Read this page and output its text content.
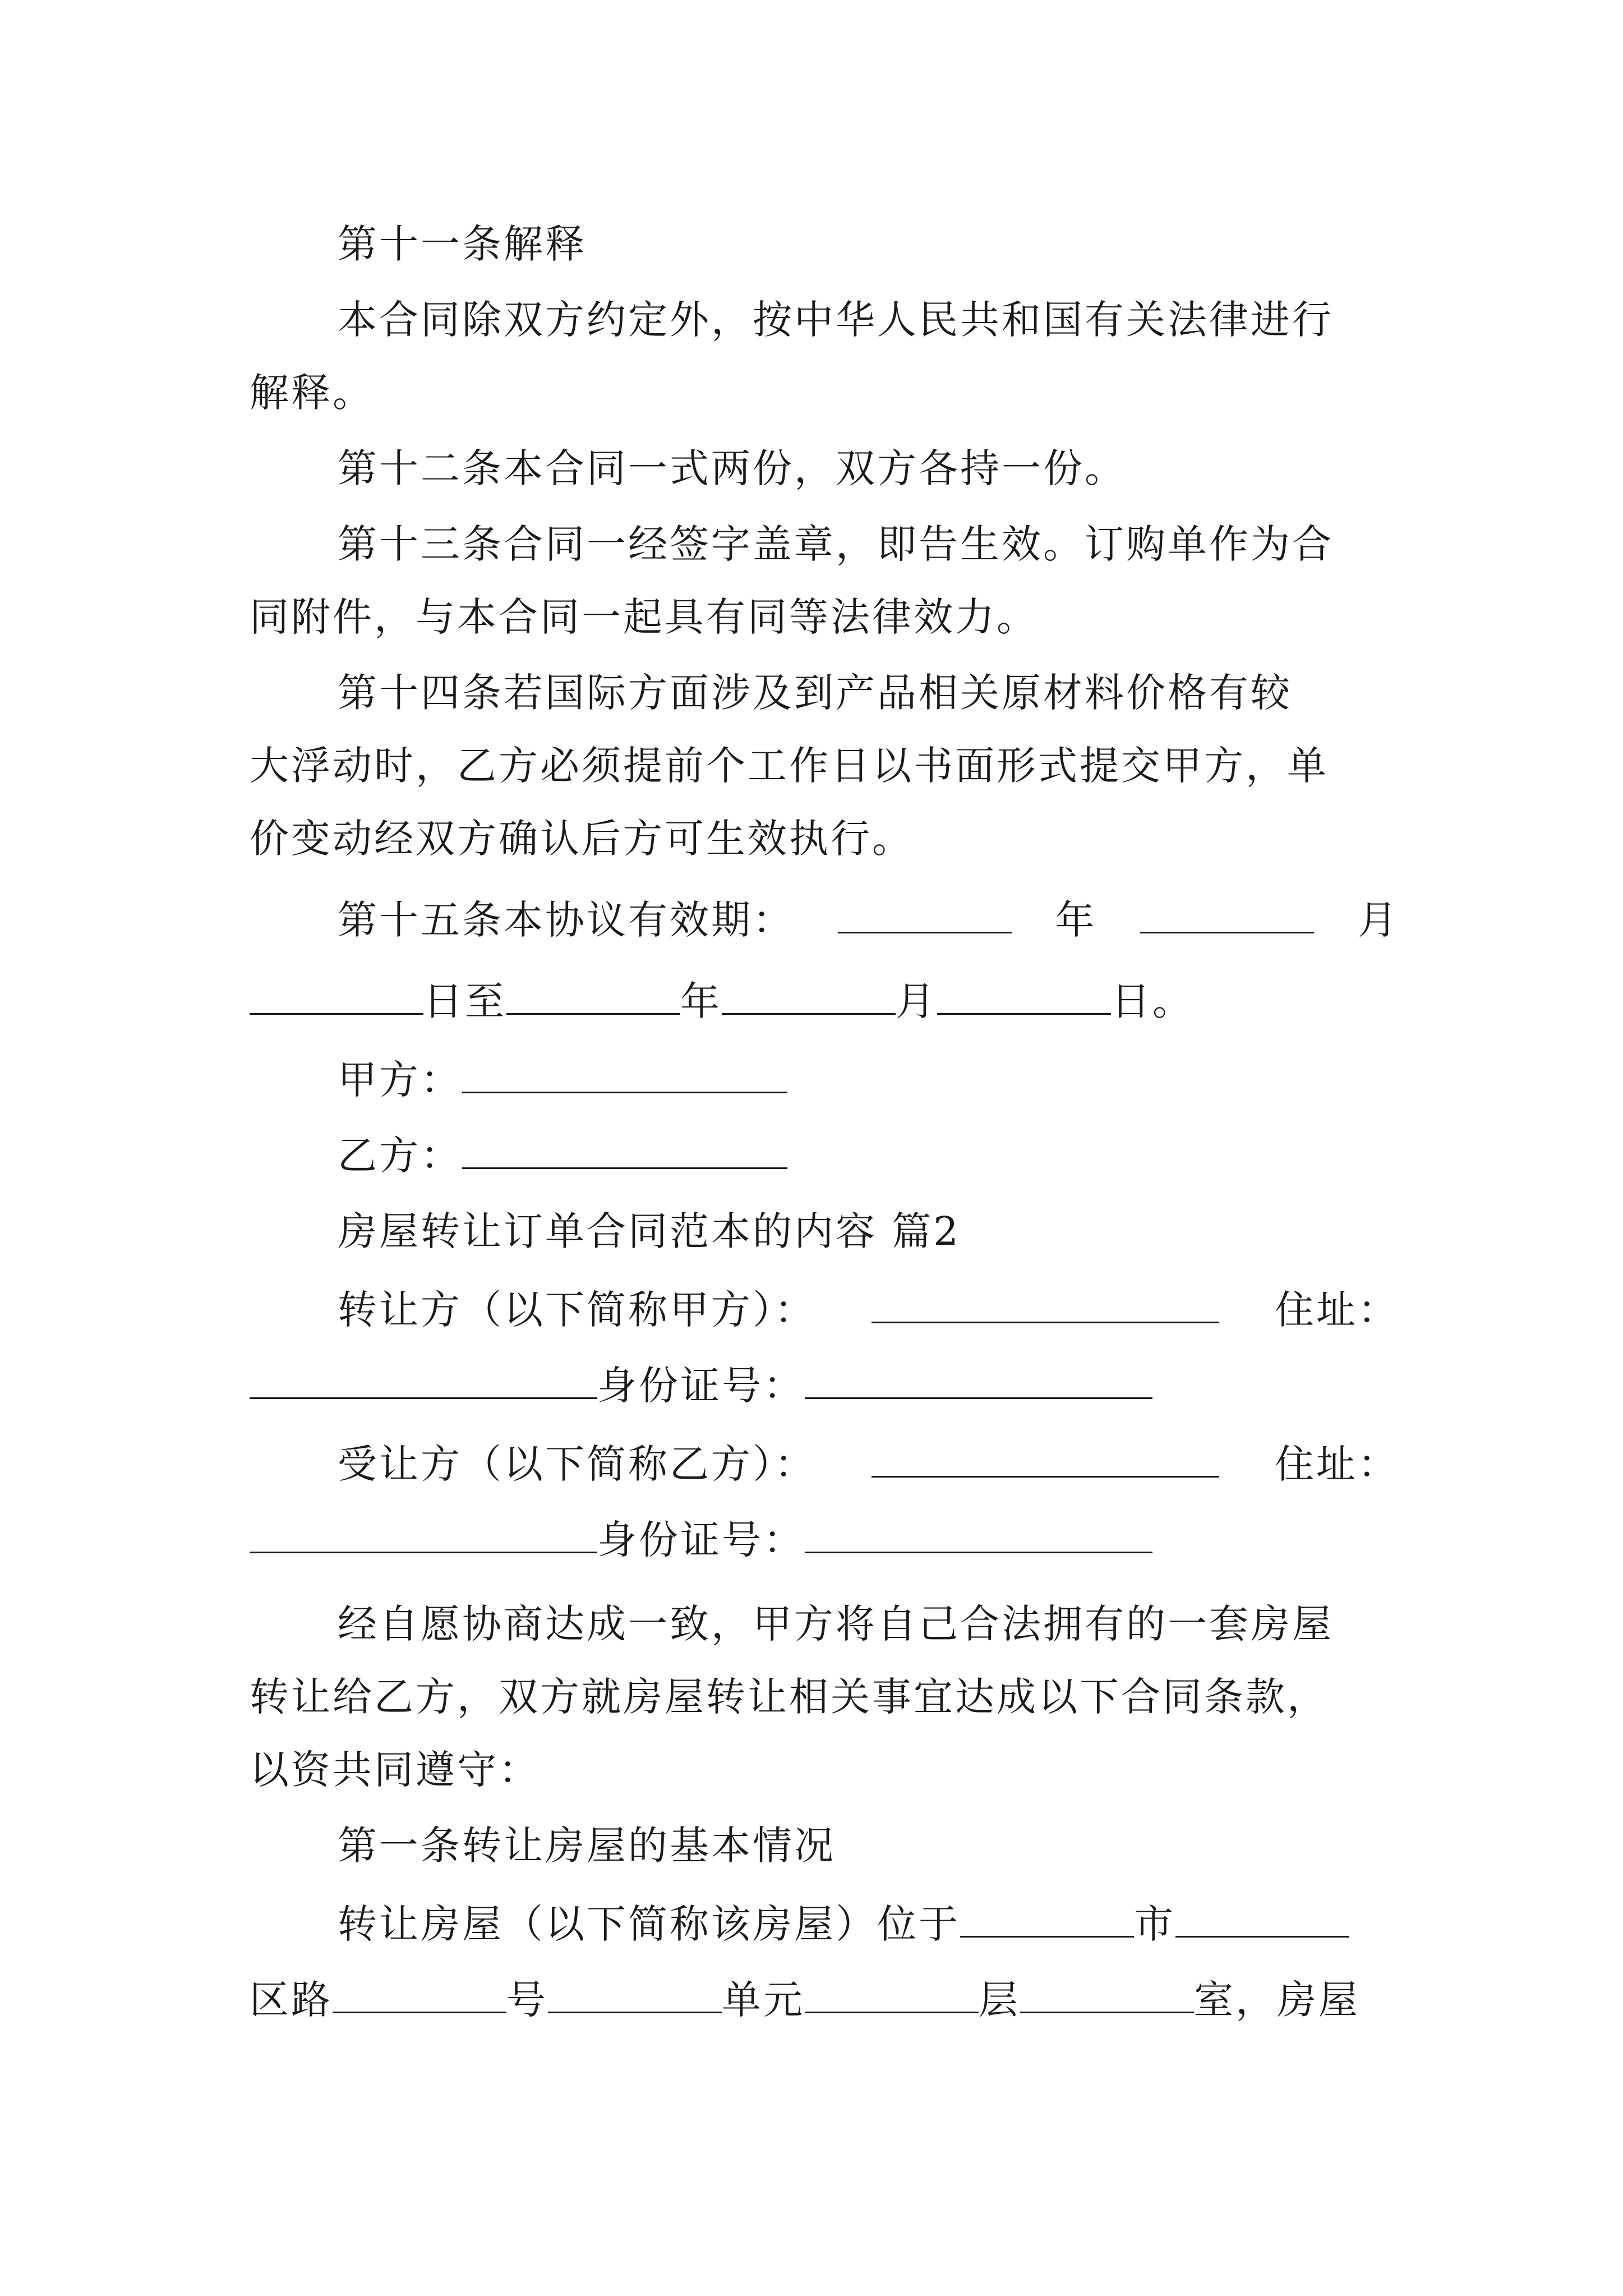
第十一条解释
本合同除双方约定外，按中华人民共和国有关法律进行
解释。
第十二条本合同一式两份，双方各持一份。
第十三条合同一经签字盖章，即告生效。订购单作为合
同附件，与本合同一起具有同等法律效力。
第十四条若国际方面涉及到产品相关原材料价格有较
大浮动时，乙方必须提前个工作日以书面形式提交甲方，单
价变动经双方确认后方可生效执行。
第十五条本协议有效期：	年	月
日至	年	月	日。
甲方：
乙方：
房屋转让订单合同范本的内容 篇2
转让方（以下简称甲方）：	住址：
身份证号：
受让方（以下简称乙方）：	住址：
身份证号：
经自愿协商达成一致，甲方将自己合法拥有的一套房屋
转让给乙方，双方就房屋转让相关事宜达成以下合同条款，
以资共同遵守：
第一条转让房屋的基本情况
转让房屋（以下简称该房屋）位于	市
区路	号	单元	层	室，房屋
